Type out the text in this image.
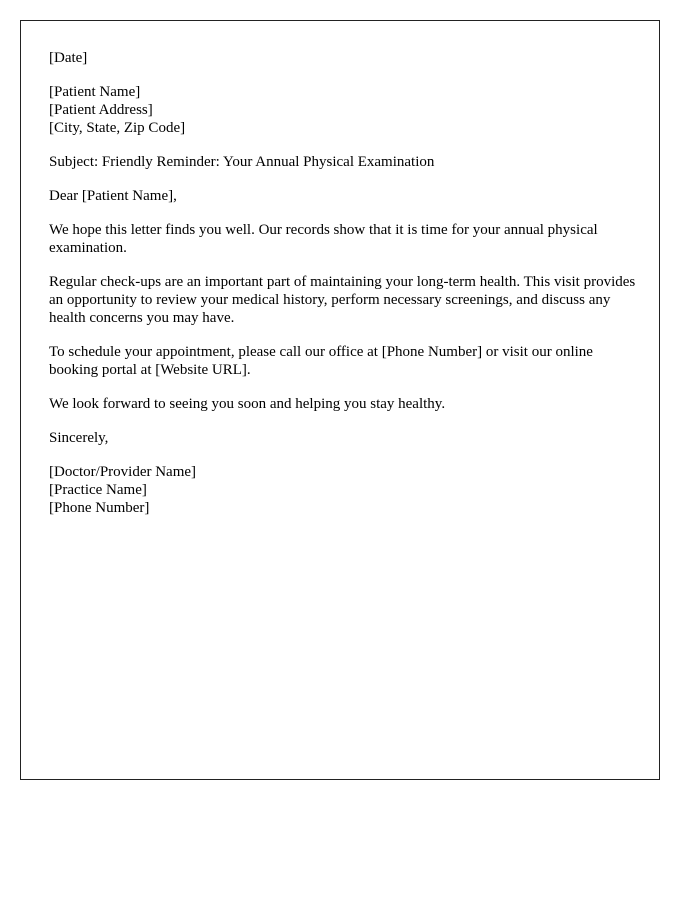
[Date]
[Patient Name]
[Patient Address]
[City, State, Zip Code]
Subject: Friendly Reminder: Your Annual Physical Examination
Dear [Patient Name],
We hope this letter finds you well. Our records show that it is time for your annual physical examination.
Regular check-ups are an important part of maintaining your long-term health. This visit provides an opportunity to review your medical history, perform necessary screenings, and discuss any health concerns you may have.
To schedule your appointment, please call our office at [Phone Number] or visit our online booking portal at [Website URL].
We look forward to seeing you soon and helping you stay healthy.
Sincerely,
[Doctor/Provider Name]
[Practice Name]
[Phone Number]
